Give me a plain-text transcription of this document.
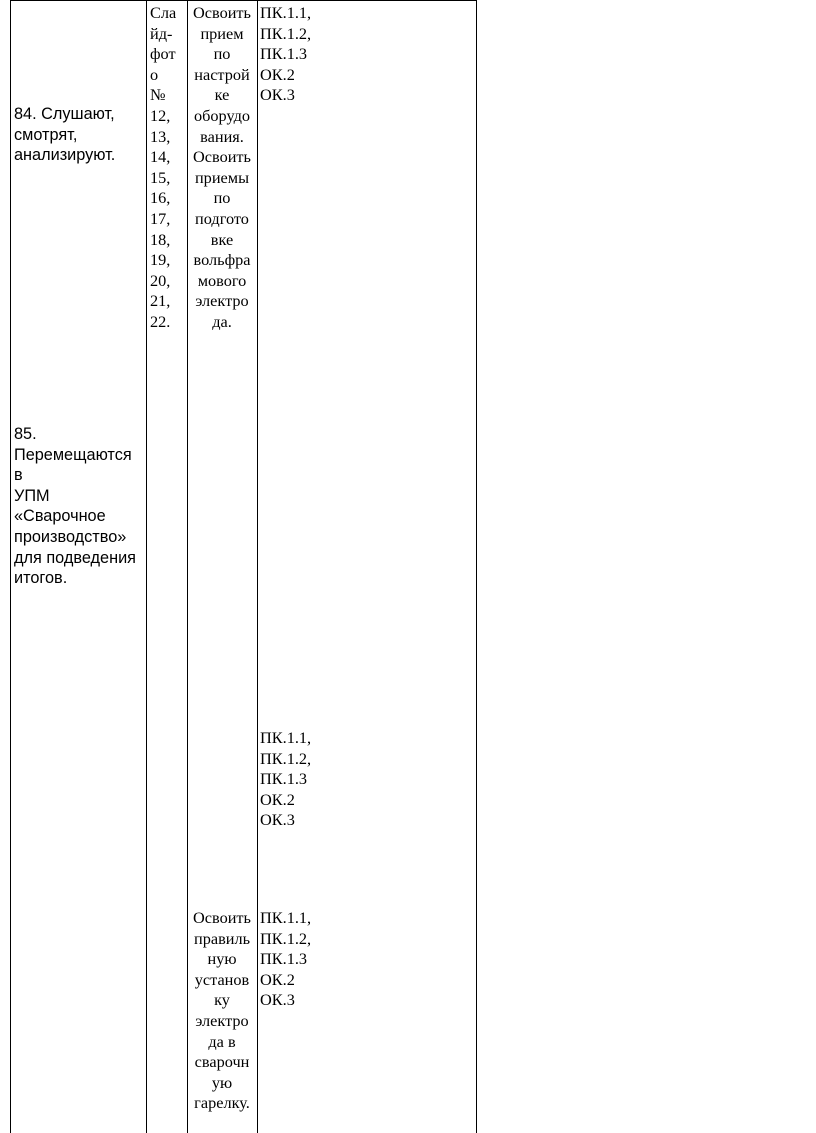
84. Слушают,
смотрят,
анализируют.
Сла
йд-
фот
о
№
12,
13,
14,
15,
16,
17,
18,
19,
20,
21,
22.
Освоить
прием
по
настрой
ке
оборудо
вания.
Освоить
приемы
по
подгото
вке
вольфра
мового
электро
да.
ПК.1.1,
ПК.1.2,
ПК.1.3
ОК.2
ОК.3
85.
Перемещаются в
УПМ
«Сварочное
производство»
для подведения
итогов.
ПК.1.1,
ПК.1.2,
ПК.1.3
ОК.2
ОК.3
Освоить
правиль
ную
установ
ку
электро
да в
сварочн
ую
гарелку.
ПК.1.1,
ПК.1.2,
ПК.1.3
ОК.2
ОК.3
